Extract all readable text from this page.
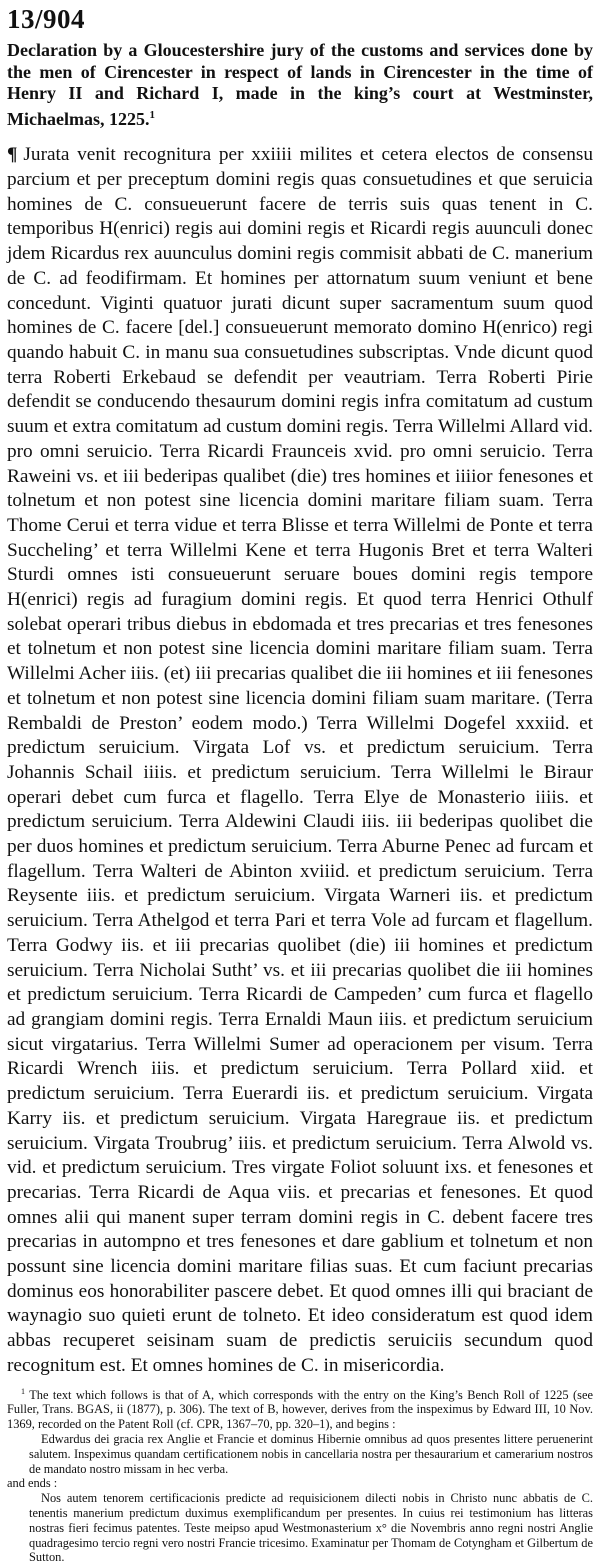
13/904
Declaration by a Gloucestershire jury of the customs and services done by the men of Cirencester in respect of lands in Cirencester in the time of Henry II and Richard I, made in the king’s court at Westminster, Michaelmas, 1225.$^1$

¶ Jurata venit recognitura per xxiiii milites et cetera electos de consensu parcium et per preceptum domini regis quas consuetudines et que seruicia homines de C. consueuerunt facere de terris suis quas tenent in C. temporibus H(enrici) regis aui domini regis et Ricardi regis auunculi donec jdem Ricardus rex auunculus domini regis commisit abbati de C. manerium de C. ad feodifirmam. Et homines per attornatum suum veniunt et bene concedunt. Viginti quatuor jurati dicunt super sacramentum suum quod homines de C. facere [del.] consueuerunt memorato domino H(enrico) regi quando habuit C. in manu sua consuetudines subscriptas. Vnde dicunt quod terra Roberti Erkebaud se defendit per veautriam. Terra Roberti Pirie defendit se conducendo thesaurum domini regis infra comitatum ad custum suum et extra comitatum ad custum domini regis. Terra Willelmi Allard vid. pro omni seruicio. Terra Ricardi Fraunceis xvid. pro omni seruicio. Terra Raweini vs. et iii bederipas qualibet (die) tres homines et iiiior fenesones et tolnetum et non potest sine licencia domini maritare filiam suam. Terra Thome Cerui et terra vidue et terra Blisse et terra Willelmi de Ponte et terra Succheling’ et terra Willelmi Kene et terra Hugonis Bret et terra Walteri Sturdi omnes isti consueuerunt seruare boues domini regis tempore H(enrici) regis ad furagium domini regis. Et quod terra Henrici Othulf solebat operari tribus diebus in ebdomada et tres precarias et tres fenesones et tolnetum et non potest sine licencia domini maritare filiam suam. Terra Willelmi Acher iiis. (et) iii precarias qualibet die iii homines et iii fenesones et tolnetum et non potest sine licencia domini filiam suam maritare. (Terra Rembaldi de Preston’ eodem modo.) Terra Willelmi Dogefel xxxiid. et predictum seruicium. Virgata Lof vs. et predictum seruicium. Terra Johannis Schail iiiis. et predictum seruicium. Terra Willelmi le Biraur operari debet cum furca et flagello. Terra Elye de Monasterio iiiis. et predictum seruicium. Terra Aldewini Claudi iiis. iii bederipas quolibet die per duos homines et predictum seruicium. Terra Aburne Penec ad furcam et flagellum. Terra Walteri de Abinton xviiid. et predictum seruicium. Terra Reysente iiis. et predictum seruicium. Virgata Warneri iis. et predictum seruicium. Terra Athelgod et terra Pari et terra Vole ad furcam et flagellum. Terra Godwy iis. et iii precarias quolibet (die) iii homines et predictum seruicium. Terra Nicholai Sutht’ vs. et iii precarias quolibet die iii homines et predictum seruicium. Terra Ricardi de Campeden’ cum furca et flagello ad grangiam domini regis. Terra Ernaldi Maun iiis. et predictum seruicium sicut virgatarius. Terra Willelmi Sumer ad operacionem per visum. Terra Ricardi Wrench iiis. et predictum seruicium. Terra Pollard xiid. et predictum seruicium. Terra Euerardi iis. et predictum seruicium. Virgata Karry iis. et predictum seruicium. Virgata Haregraue iis. et predictum seruicium. Virgata Troubrug’ iiis. et predictum seruicium. Terra Alwold vs. vid. et predictum seruicium. Tres virgate Foliot soluunt ixs. et fenesones et precarias. Terra Ricardi de Aqua viis. et precarias et fenesones. Et quod omnes alii qui manent super terram domini regis in C. debent facere tres precarias in autompno et tres fenesones et dare gablium et tolnetum et non possunt sine licencia domini maritare filias suas. Et cum faciunt precarias dominus eos honorabiliter pascere debet. Et quod omnes illi qui braciant de waynagio suo quieti erunt de tolneto. Et ideo consideratum est quod idem abbas recuperet seisinam suam de predictis seruiciis secundum quod recognitum est. Et omnes homines de C. in misericordia.

$^1$ The text which follows is that of A, which corresponds with the entry on the King’s Bench Roll of 1225 (see Fuller, Trans. BGAS, ii (1877), p. 306). The text of B, however, derives from the inspeximus by Edward III, 10 Nov. 1369, recorded on the Patent Roll (cf. CPR, 1367–70, pp. 320–1), and begins :

Edwardus dei gracia rex Anglie et Francie et dominus Hibernie omnibus ad quos presentes littere peruenerint salutem. Inspeximus quandam certificationem nobis in cancellaria nostra per thesaurarium et camerarium nostros de mandato nostro missam in hec verba.

and ends :

Nos autem tenorem certificacionis predicte ad requisicionem dilecti nobis in Christo nunc abbatis de C. tenentis manerium predictum duximus exemplificandum per presentes. In cuius rei testimonium has litteras nostras fieri fecimus patentes. Teste meipso apud Westmonasterium x° die Novembris anno regni nostri Anglie quadragesimo tercio regni vero nostri Francie tricesimo. Examinatur per Thomam de Cotyngham et Gilbertum de Sutton.
